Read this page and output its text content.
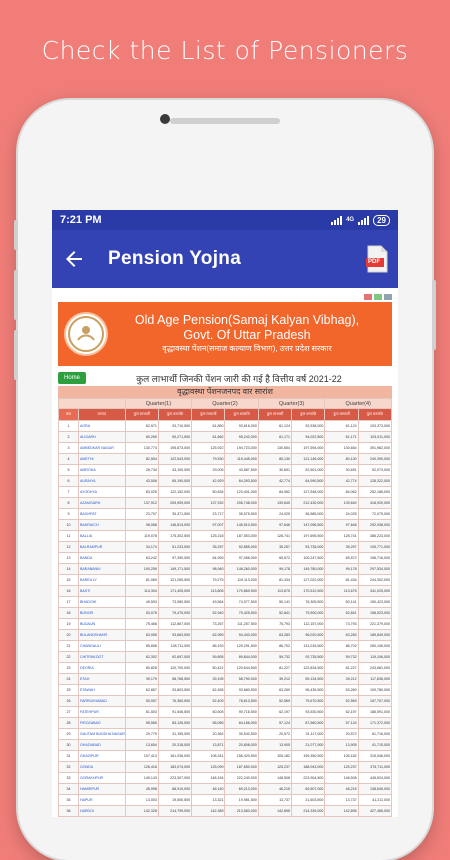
Check the List of Pensioners
7:21 PM	4G	29
Pension Yojna	PDF
Old Age Pension(Samaj Kalyan Vibhag),
Govt. Of Uttar Pradesh
वृद्धावस्था पेंशन(समाज कल्याण विभाग), उत्तर प्रदेश सरकार
Home	कुल लाभार्थी जिनकी पेंशन जारी की गई है वित्तीय वर्ष 2021-22
वृद्धावस्था पेंशनजनपद वार सारांश
		Quarter(1)		Quarter(2)		Quarter(3)		Quarter(4)	
क्रम	जनपद	कुल लाभार्थी	कुल धनराशि	कुल लाभार्थी	कुल धनराशि	कुल लाभार्थी	कुल धनराशि	कुल लाभार्थी	कुल धनराशि
1	AGRA	62,571	93,710,500	61,850	93,816,000	61,124	92,538,000	61,124	103,373,000
2	ALIGARH	60,269	90,271,500	61,662	95,242,000	61,171	94,022,500	61,171	103,011,000
3	AMBEDKAR NAGAR	130,774	195,873,000	125,922	194,723,000	130,654	197,594,000	130,654	391,962,000
4	AMETHI	82,554	122,543,000	79,530	119,445,000	80,130	121,146,000	80,130	240,390,000
5	AMROHA	28,734	43,100,000	29,005	43,587,500	30,691	52,501,000	30,691	92,073,000
6	AURAIYA	43,506	65,190,000	42,929	64,393,500	42,774	64,990,500	42,774	128,322,000
7	AYODHYA	83,025	122,152,000	80,634	123,401,000	84,062	127,548,000	84,062	252,186,000
8	AZAMGARH	137,912	205,909,000	137,932	206,748,000	139,640	212,430,000	139,640	418,920,000
9	BAGHPAT	23,707	35,371,500	23,717	35,575,500	24,025	36,585,000	24,025	72,075,000
10	BAHRAICH	98,068	146,813,000	97,007	145,510,500	97,646	147,096,500	97,646	292,938,000
11	BALLIA	119,078	175,302,500	125,218	187,553,000	128,741	197,695,500	128,741	386,223,000
12	BALRAMPUR	34,174	51,233,500	35,257	52,855,000	35,257	53,735,000	35,257	105,771,000
13	BANDA	63,242	97,399,000	64,993	97,086,000	65,572	100,247,500	65,572	196,716,000
14	BARABANKI	100,259	149,171,500	98,940	148,260,000	99,178	149,780,000	99,178	297,534,000
15	BAREILLY	81,069	121,265,500	79,275	119,113,000	81,434	127,022,000	81,434	244,302,000
16	BASTI	114,304	171,405,000	113,805	170,869,500	113,675	170,512,500	113,675	341,025,000
17	BHADOHI	49,593	73,980,500	49,564	74,377,500	50,141	76,305,500	50,141	150,423,000
18	BIJNOR	53,076	79,475,000	52,940	79,425,500	52,841	79,500,000	52,841	158,523,000
19	BUDAUN	75,466	112,867,000	73,267	111,257,500	75,793	112,157,000	73,793	221,379,000
20	BULANDSHAHR	63,955	93,663,500	62,959	94,443,000	63,283	96,020,500	63,283	189,849,000
21	CHANDAULI	85,808	128,711,000	86,193	129,291,500	86,702	131,015,500	86,702	260,106,000
22	CHITRAKOOT	62,302	92,697,000	59,895	89,844,000	59,732	93,735,500	59,732	119,106,000
23	DEORIA	80,828	120,700,000	80,421	120,644,500	81,227	122,834,500	81,227	243,681,000
24	ETAH	39,179	58,768,500	39,195	58,790,000	39,212	59,134,500	39,212	117,636,000
25	ETAWAH	62,857	93,803,500	62,455	93,680,500	63,260	96,435,500	53,260	109,780,000
26	FARRUKHABAD	50,907	76,360,500	52,409	78,613,500	52,569	79,670,500	52,569	157,707,000
27	FATEHPUR	61,503	91,546,500	60,505	90,716,500	62,197	93,530,500	62,197	186,591,000
28	FIROZABAD	55,565	83,126,500	56,065	84,166,000	57,124	87,560,500	57,124	171,372,000
29	GAUTAM BUDDHA NAGAR	20,779	31,155,000	20,362	30,542,500	20,572	31,117,000	20,572	61,716,000
30	GHAZIABAD	13,654	20,318,000	13,871	20,808,000	13,905	21,077,000	13,905	41,715,000
31	GHAZIPUR	107,413	161,036,000	108,341	156,420,500	105,182	159,350,500	105,182	315,546,000
32	GONDA	126,416	183,074,000	125,099	187,650,000	125,237	188,043,000	125,237	375,711,000
33	GORAKHPUR	149,143	223,307,000	148,154	222,240,000	148,508	223,904,500	148,508	445,524,000
34	HAMIRPUR	45,998	68,910,000	46,140	69,213,000	46,215	69,507,000	46,215	138,645,000
35	HAPUR	13,003	19,500,500	13,321	19,981,500	13,737	21,603,500	13,737	41,211,000
36	HARDOI	142,328	214,799,000	142,389	213,583,000	142,895	214,339,000	142,895	427,485,000
